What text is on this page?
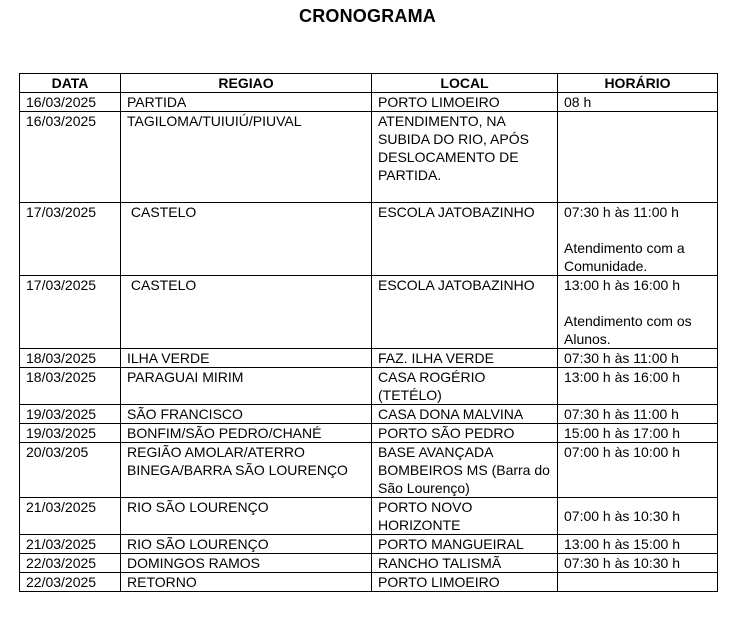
CRONOGRAMA
DATA	REGIAO	LOCAL	HORÁRIO
16/03/2025	PARTIDA	PORTO LIMOEIRO	08 h

16/03/2025	TAGILOMA/TUIUIÚ/PIUVAL	ATENDIMENTO, NA SUBIDA DO RIO, APÓS DESLOCAMENTO DE PARTIDA.	

17/03/2025	CASTELO	ESCOLA JATOBAZINHO	07:30 h às 11:00 h
Atendimento com a Comunidade.

17/03/2025	CASTELO	ESCOLA JATOBAZINHO	13:00 h às 16:00 h
Atendimento com os Alunos.

18/03/2025	ILHA VERDE	FAZ. ILHA VERDE	07:30 h às 11:00 h

18/03/2025	PARAGUAI MIRIM	CASA ROGÉRIO (TETÉLO)	13:00 h às 16:00 h

19/03/2025	SÃO FRANCISCO	CASA DONA MALVINA	07:30 h às 11:00 h

19/03/2025	BONFIM/SÃO PEDRO/CHANÉ	PORTO SÃO PEDRO	15:00 h às 17:00 h

20/03/205	REGIÃO AMOLAR/ATERRO BINEGA/BARRA SÃO LOURENÇO	BASE AVANÇADA BOMBEIROS MS (Barra do São Lourenço)	07:00 h às 10:00 h

21/03/2025	RIO SÃO LOURENÇO	PORTO NOVO HORIZONTE	07:00 h às 10:30 h

21/03/2025	RIO SÃO LOURENÇO	PORTO MANGUEIRAL	13:00 h às 15:00 h

22/03/2025	DOMINGOS RAMOS	RANCHO TALISMÃ	07:30 h às 10:30 h

22/03/2025	RETORNO	PORTO LIMOEIRO	
